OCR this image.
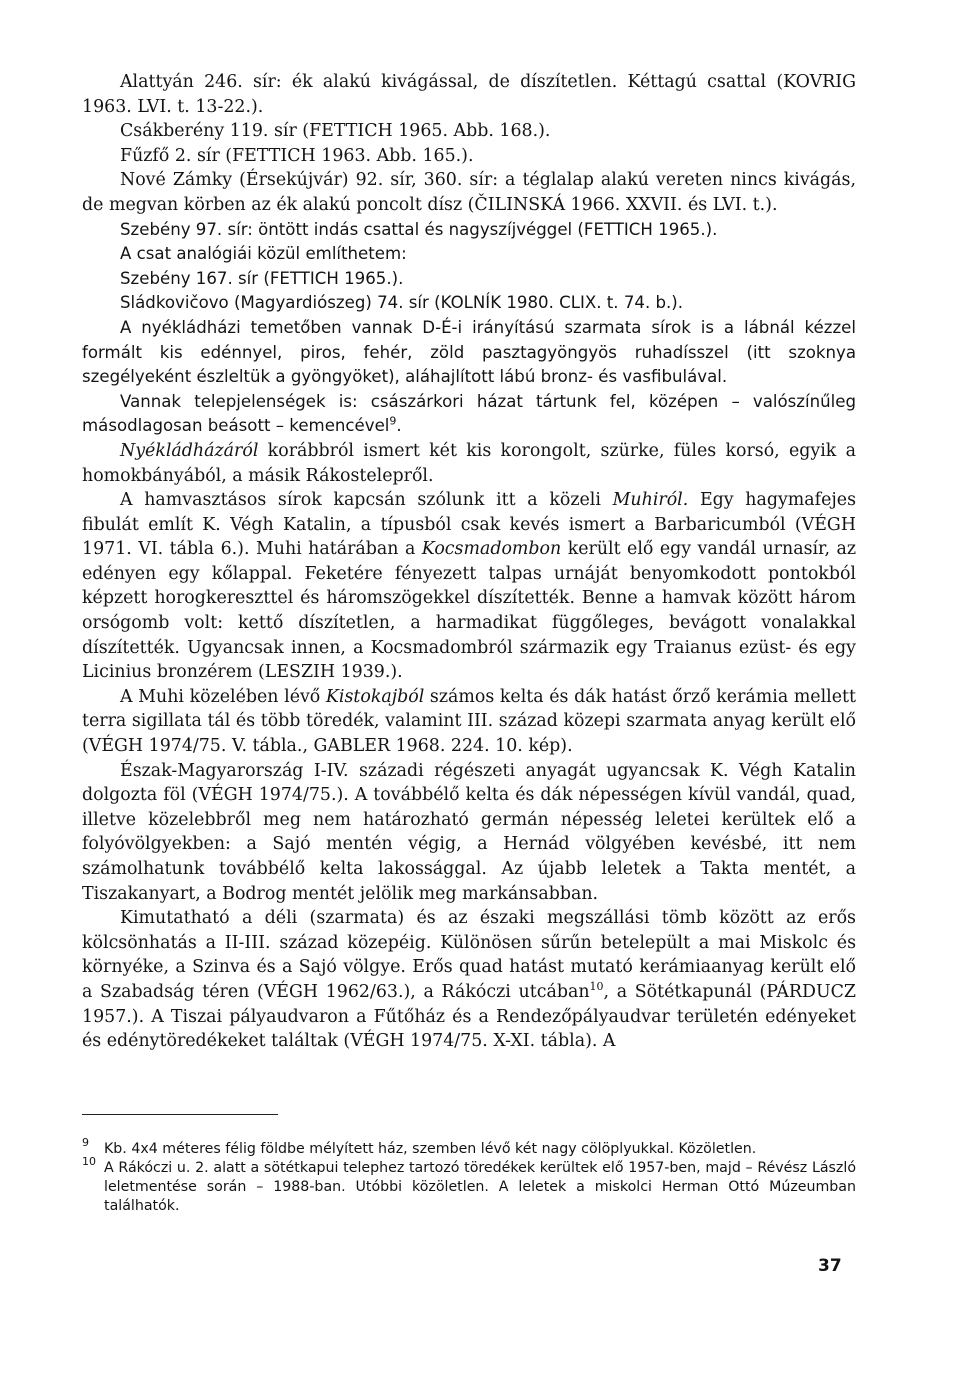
Alattyán 246. sír: ék alakú kivágással, de díszítetlen. Kéttagú csattal (KOVRIG 1963. LVI. t. 13-22.).

Csákberény 119. sír (FETTICH 1965. Abb. 168.).

Fűzfő 2. sír (FETTICH 1963. Abb. 165.).

Nové Zámky (Érsekújvár) 92. sír, 360. sír: a téglalap alakú vereten nincs kivágás, de megvan körben az ék alakú poncolt dísz (ČILINSKÁ 1966. XXVII. és LVI. t.).

Szebény 97. sír: öntött indás csattal és nagyszíjvéggel (FETTICH 1965.).

A csat analógiái közül említhetem:

Szebény 167. sír (FETTICH 1965.).

Sládkovičovo (Magyardiószeg) 74. sír (KOLNÍK 1980. CLIX. t. 74. b.).

A nyékládházi temetőben vannak D-É-i irányítású szarmata sírok is a lábnál kézzel formált kis edénnyel, piros, fehér, zöld pasztagyöngyös ruhadísszel (itt szoknya szegélyeként észleltük a gyöngyöket), aláhajlított lábú bronz- és vasfibulával.

Vannak telepjelenségek is: császárkori házat tártunk fel, középen – valószínűleg másodlagosan beásott – kemencével$^9$.

Nyékládházáról korábbról ismert két kis korongolt, szürke, füles korsó, egyik a homokbányából, a másik Rákostelepről.

A hamvasztásos sírok kapcsán szólunk itt a közeli Muhiról. Egy hagymafejes fibulát említ K. Végh Katalin, a típusból csak kevés ismert a Barbaricumból (VÉGH 1971. VI. tábla 6.). Muhi határában a Kocsmadombon került elő egy vandál urnasír, az edényen egy kőlappal. Feketére fényezett talpas urnáját benyomkodott pontokból képzett horogkereszttel és háromszögekkel díszítették. Benne a hamvak között három orsógomb volt: kettő díszítetlen, a harmadikat függőleges, bevágott vonalakkal díszítették. Ugyancsak innen, a Kocsmadombról származik egy Traianus ezüst- és egy Licinius bronzérem (LESZIH 1939.).

A Muhi közelében lévő Kistokajból számos kelta és dák hatást őrző kerámia mellett terra sigillata tál és több töredék, valamint III. század közepi szarmata anyag került elő (VÉGH 1974/75. V. tábla., GABLER 1968. 224. 10. kép).

Észak-Magyarország I-IV. századi régészeti anyagát ugyancsak K. Végh Katalin dolgozta föl (VÉGH 1974/75.). A továbbélő kelta és dák népességen kívül vandál, quad, illetve közelebbről meg nem határozható germán népesség leletei kerültek elő a folyóvölgyekben: a Sajó mentén végig, a Hernád völgyében kevésbé, itt nem számolhatunk továbbélő kelta lakossággal. Az újabb leletek a Takta mentét, a Tiszakanyart, a Bodrog mentét jelölik meg markánsabban.

Kimutatható a déli (szarmata) és az északi megszállási tömb között az erős kölcsönhatás a II-III. század közepéig. Különösen sűrűn betelepült a mai Miskolc és környéke, a Szinva és a Sajó völgye. Erős quad hatást mutató kerámiaanyag került elő a Szabadság téren (VÉGH 1962/63.), a Rákóczi utcában$^{10}$, a Sötétkapunál (PÁRDUCZ 1957.). A Tiszai pályaudvaron a Fűtőház és a Rendezőpályaudvar területén edényeket és edénytöredékeket találtak (VÉGH 1974/75. X-XI. tábla). A

9 Kb. 4x4 méteres félig földbe mélyített ház, szemben lévő két nagy cölöplyukkal. Közöletlen.

10 A Rákóczi u. 2. alatt a sötétkapui telephez tartozó töredékek kerültek elő 1957-ben, majd – Révész László leletmentése során – 1988-ban. Utóbbi közöletlen. A leletek a miskolci Herman Ottó Múzeumban találhatók.

37
